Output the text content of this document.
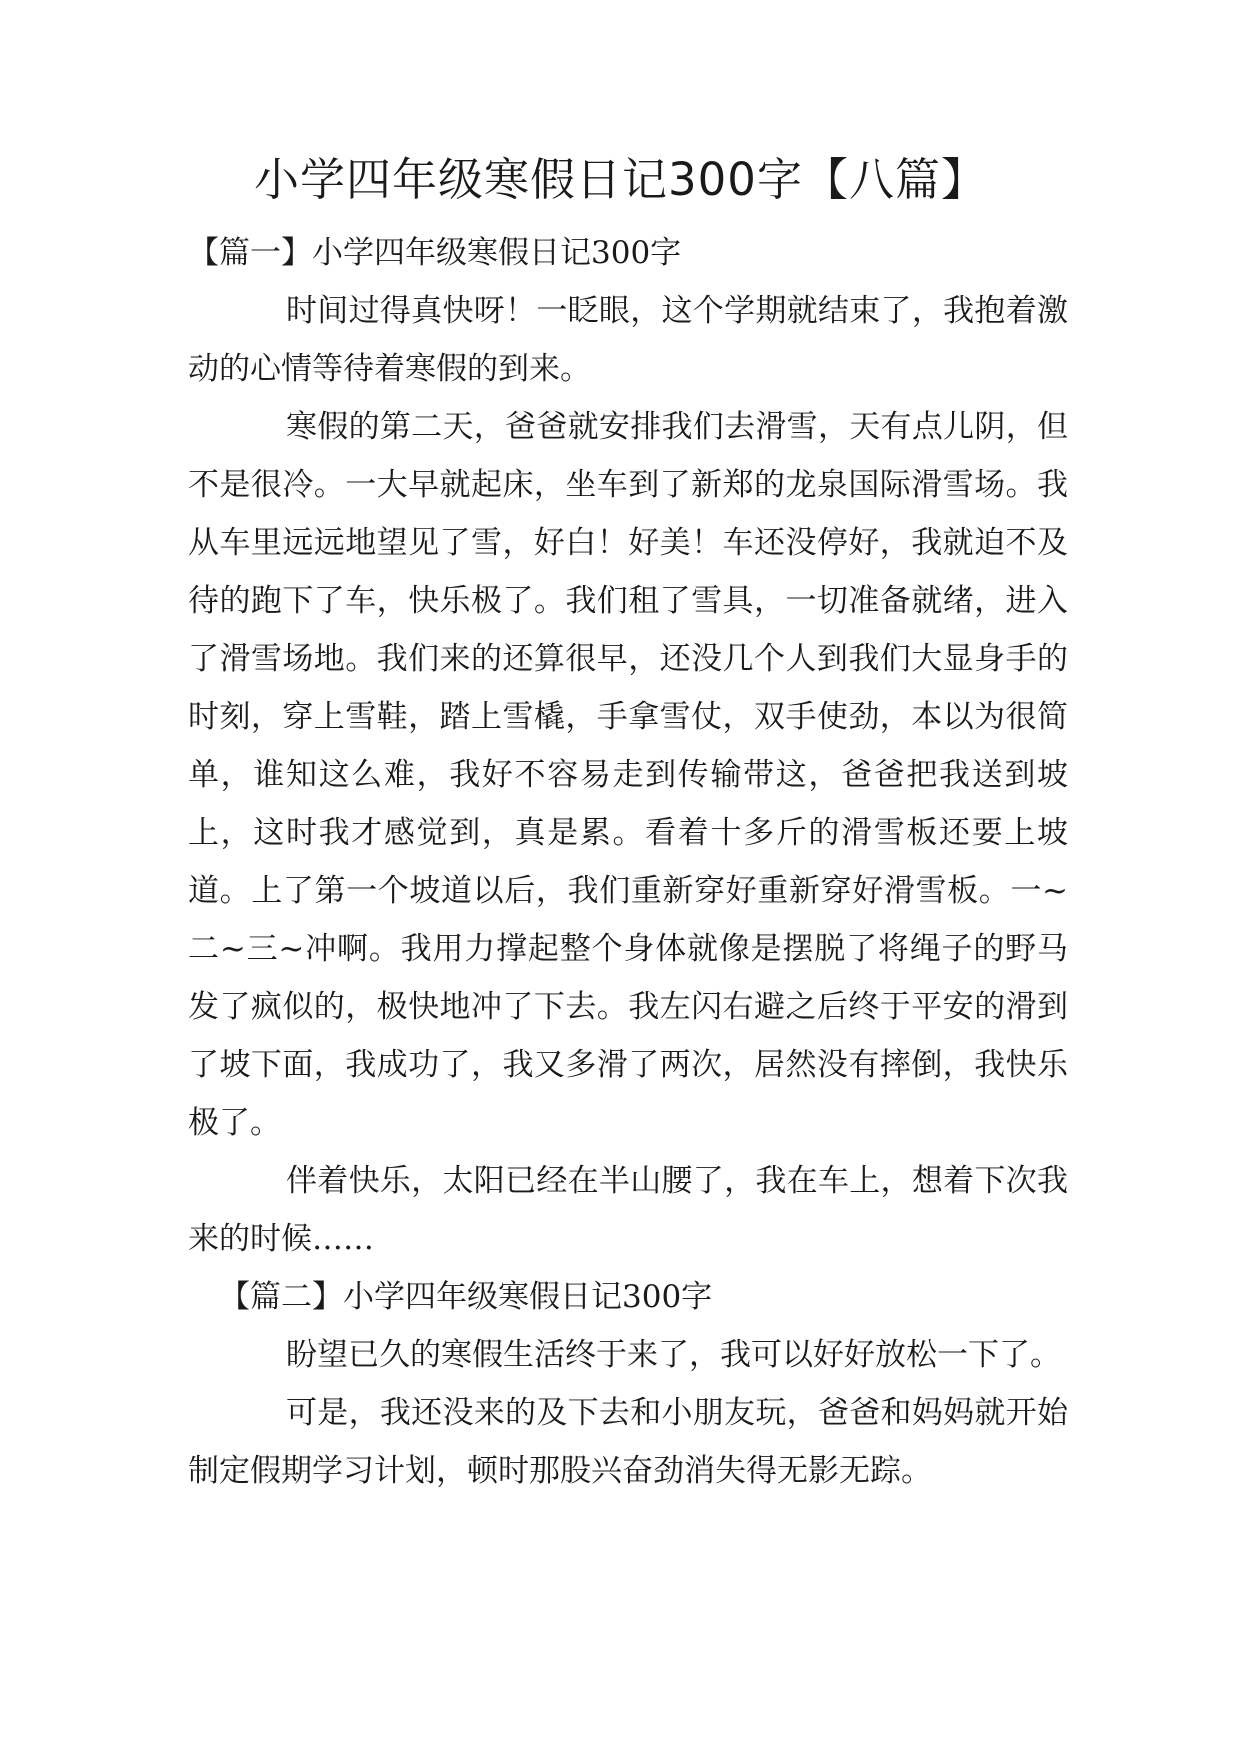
小学四年级寒假日记300字【八篇】

【篇一】小学四年级寒假日记300字

时间过得真快呀！一眨眼，这个学期就结束了，我抱着激动的心情等待着寒假的到来。

寒假的第二天，爸爸就安排我们去滑雪，天有点儿阴，但不是很冷。一大早就起床，坐车到了新郑的龙泉国际滑雪场。我从车里远远地望见了雪，好白！好美！车还没停好，我就迫不及待的跑下了车，快乐极了。我们租了雪具，一切准备就绪，进入了滑雪场地。我们来的还算很早，还没几个人到我们大显身手的时刻，穿上雪鞋，踏上雪橇，手拿雪仗，双手使劲，本以为很简单，谁知这么难，我好不容易走到传输带这，爸爸把我送到坡上，这时我才感觉到，真是累。看着十多斤的滑雪板还要上坡道。上了第一个坡道以后，我们重新穿好重新穿好滑雪板。一~二~三~冲啊。我用力撑起整个身体就像是摆脱了将绳子的野马发了疯似的，极快地冲了下去。我左闪右避之后终于平安的滑到了坡下面，我成功了，我又多滑了两次，居然没有摔倒，我快乐极了。

伴着快乐，太阳已经在半山腰了，我在车上，想着下次我来的时候……

【篇二】小学四年级寒假日记300字

盼望已久的寒假生活终于来了，我可以好好放松一下了。

可是，我还没来的及下去和小朋友玩，爸爸和妈妈就开始制定假期学习计划，顿时那股兴奋劲消失得无影无踪。
